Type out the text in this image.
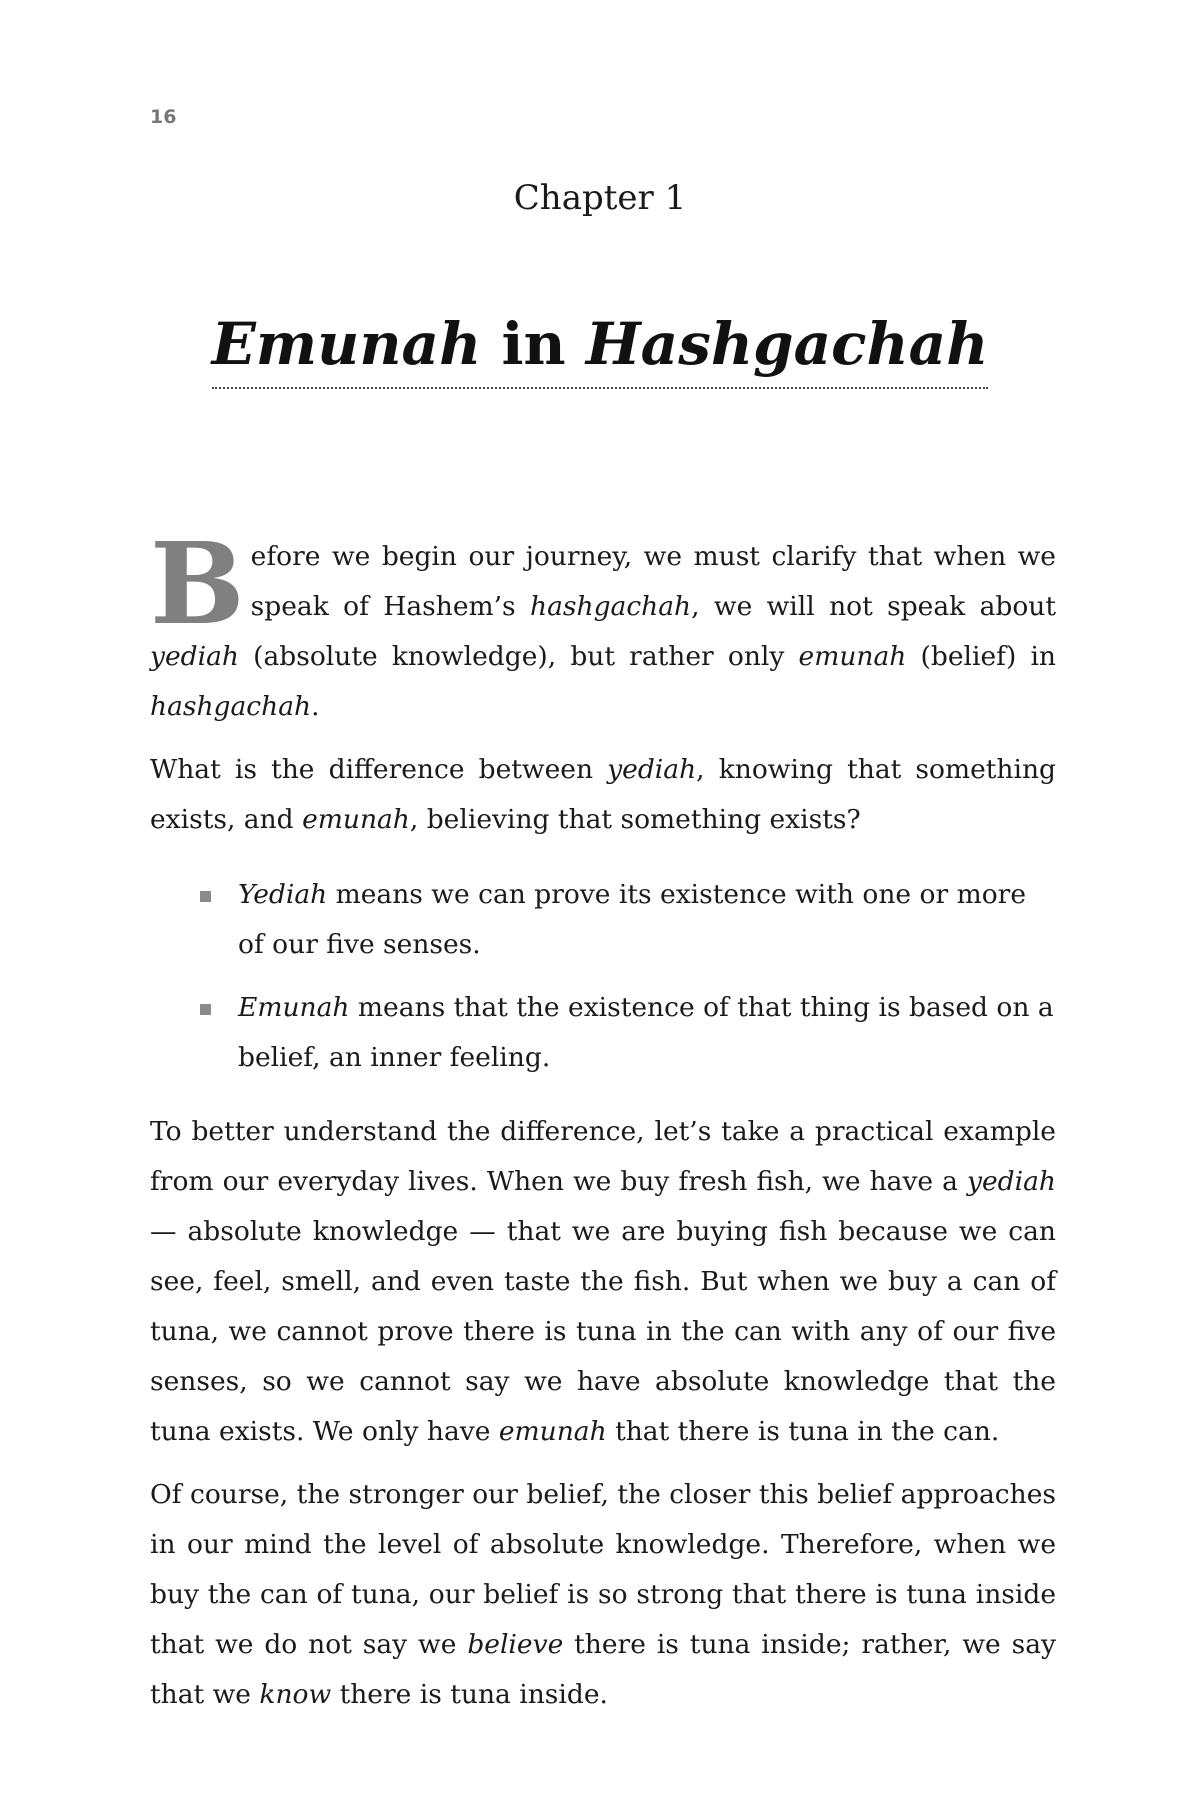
16
Chapter 1
Emunah in Hashgachah

Before we begin our journey, we must clarify that when we speak of Hashem’s hashgachah, we will not speak about yediah (absolute knowledge), but rather only emunah (belief) in hashgachah.

What is the difference between yediah, knowing that something exists, and emunah, believing that something exists?

Yediah means we can prove its existence with one or more of our five senses.
Emunah means that the existence of that thing is based on a belief, an inner feeling.

To better understand the difference, let’s take a practical example from our everyday lives. When we buy fresh fish, we have a yediah — absolute knowledge — that we are buying fish because we can see, feel, smell, and even taste the fish. But when we buy a can of tuna, we cannot prove there is tuna in the can with any of our five senses, so we cannot say we have absolute knowledge that the tuna exists. We only have emunah that there is tuna in the can.

Of course, the stronger our belief, the closer this belief approaches in our mind the level of absolute knowledge. Therefore, when we buy the can of tuna, our belief is so strong that there is tuna inside that we do not say we believe there is tuna inside; rather, we say that we know there is tuna inside.
